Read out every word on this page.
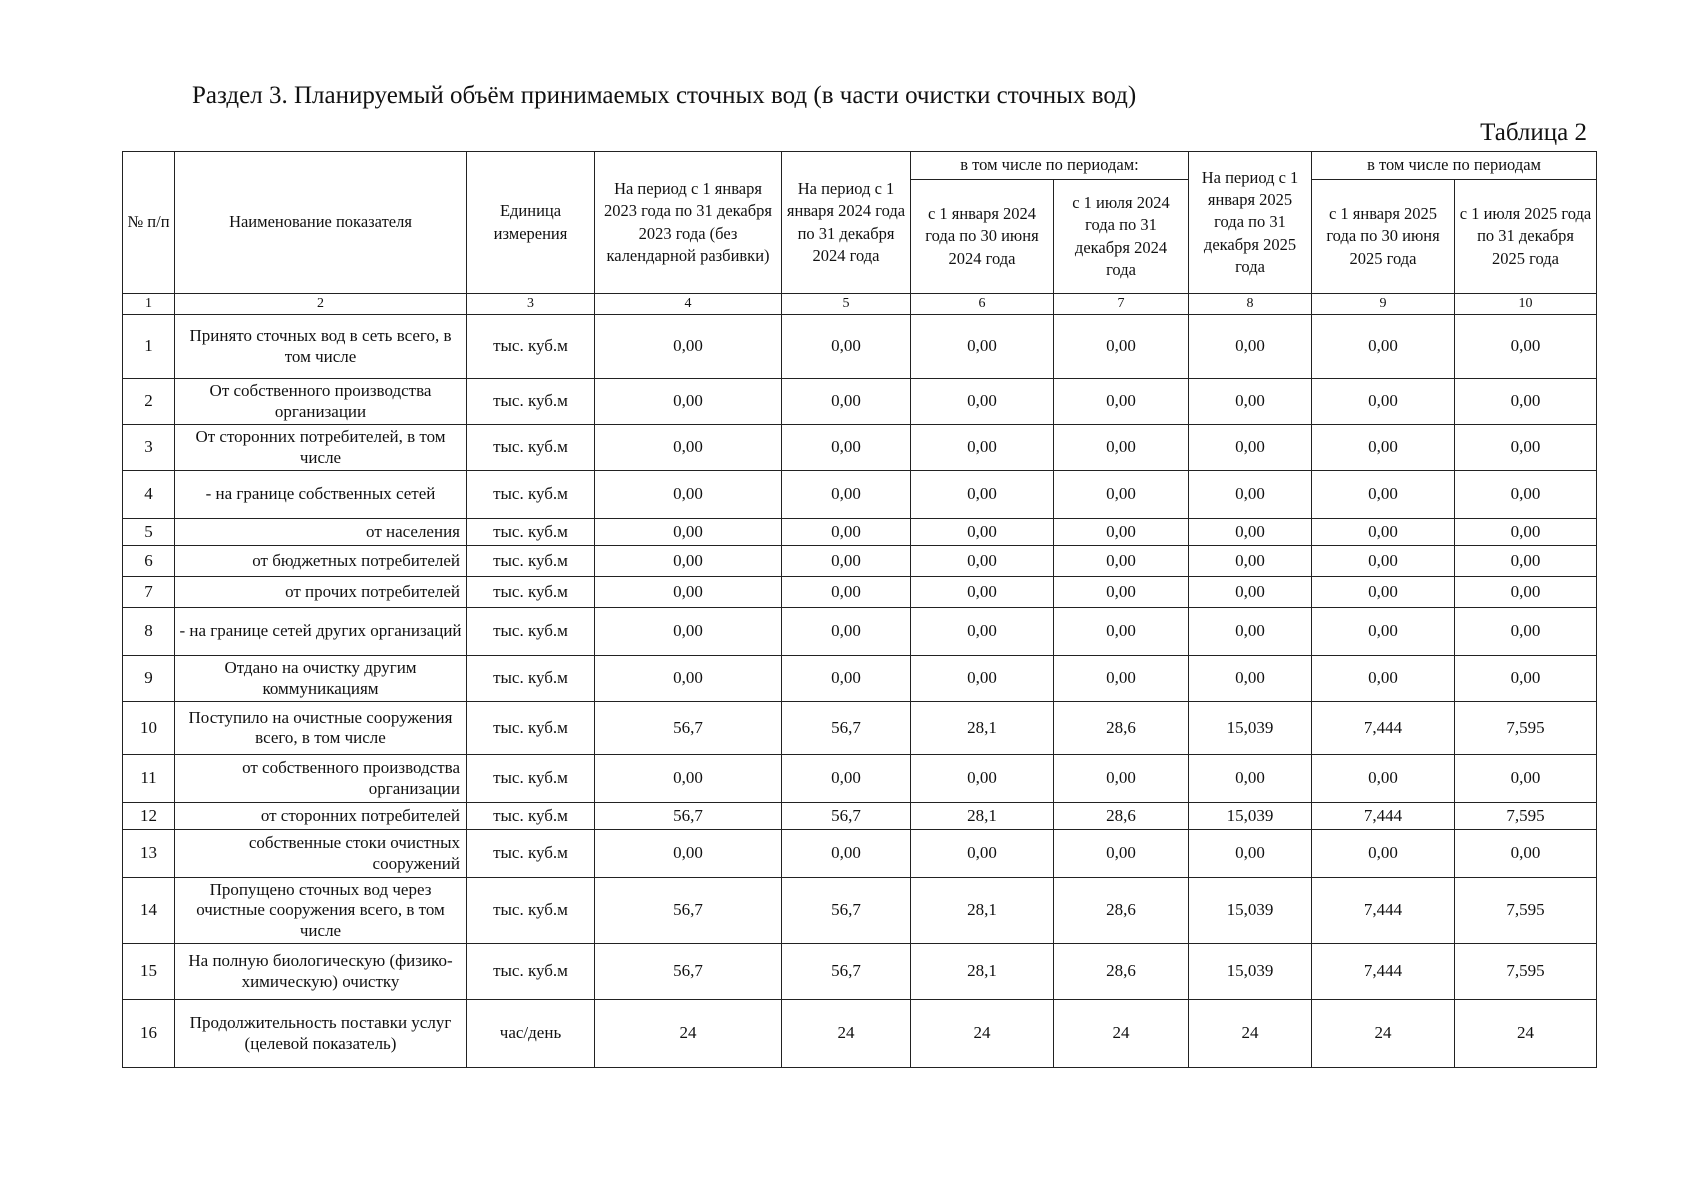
Раздел 3. Планируемый объём принимаемых сточных вод (в части очистки сточных вод)
Таблица 2
№ п/п	Наименование показателя	Единица измерения	На период с 1 января 2023 года по 31 декабря 2023 года (без календарной разбивки)	На период с 1 января 2024 года по 31 декабря 2024 года	в том числе по периодам:		На период с 1 января 2025 года по 31 декабря 2025 года	в том числе по периодам	
					с 1 января 2024 года по 30 июня 2024 года	с 1 июля 2024 года по 31 декабря 2024 года		с 1 января 2025 года по 30 июня 2025 года	с 1 июля 2025 года по 31 декабря 2025 года
1	2	3	4	5	6	7	8	9	10
1	Принято сточных вод в сеть всего, в том числе	тыс. куб.м	0,00	0,00	0,00	0,00	0,00	0,00	0,00
2	От собственного производства организации	тыс. куб.м	0,00	0,00	0,00	0,00	0,00	0,00	0,00
3	От сторонних потребителей, в том числе	тыс. куб.м	0,00	0,00	0,00	0,00	0,00	0,00	0,00
4	- на границе собственных сетей	тыс. куб.м	0,00	0,00	0,00	0,00	0,00	0,00	0,00
5	от населения	тыс. куб.м	0,00	0,00	0,00	0,00	0,00	0,00	0,00
6	от бюджетных потребителей	тыс. куб.м	0,00	0,00	0,00	0,00	0,00	0,00	0,00
7	от прочих потребителей	тыс. куб.м	0,00	0,00	0,00	0,00	0,00	0,00	0,00
8	- на границе сетей других организаций	тыс. куб.м	0,00	0,00	0,00	0,00	0,00	0,00	0,00
9	Отдано на очистку другим коммуникациям	тыс. куб.м	0,00	0,00	0,00	0,00	0,00	0,00	0,00
10	Поступило на очистные сооружения всего, в том числе	тыс. куб.м	56,7	56,7	28,1	28,6	15,039	7,444	7,595
11	от собственного производства организации	тыс. куб.м	0,00	0,00	0,00	0,00	0,00	0,00	0,00
12	от сторонних потребителей	тыс. куб.м	56,7	56,7	28,1	28,6	15,039	7,444	7,595
13	собственные стоки очистных сооружений	тыс. куб.м	0,00	0,00	0,00	0,00	0,00	0,00	0,00
14	Пропущено сточных вод через очистные сооружения всего, в том числе	тыс. куб.м	56,7	56,7	28,1	28,6	15,039	7,444	7,595
15	На полную биологическую (физико-химическую) очистку	тыс. куб.м	56,7	56,7	28,1	28,6	15,039	7,444	7,595
16	Продолжительность поставки услуг (целевой показатель)	час/день	24	24	24	24	24	24	24
